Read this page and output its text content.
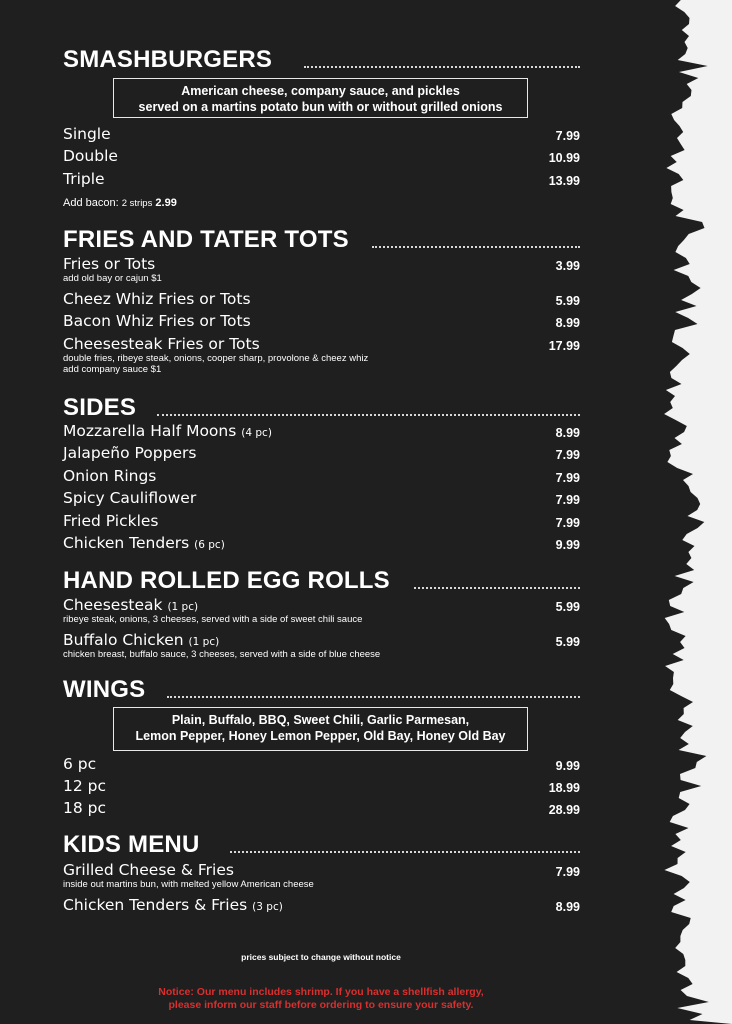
SMASHBURGERS
American cheese, company sauce, and pickles
served on a martins potato bun with or without grilled onions
Single	7.99
Double	10.99
Triple	13.99
FRIES AND TATER TOTS
Fries or Tots	3.99
add old bay or cajun $1
Cheez Whiz Fries or Tots	5.99
Bacon Whiz Fries or Tots	8.99
Cheesesteak Fries or Tots	17.99
double fries, ribeye steak, onions, cooper sharp, provolone & cheez whiz
add company sauce $1
SIDES
Mozzarella Half Moons (4 pc)	8.99
Jalapeño Poppers	7.99
Onion Rings	7.99
Spicy Cauliflower	7.99
Fried Pickles	7.99
Chicken Tenders (6 pc)	9.99
HAND ROLLED EGG ROLLS
Cheesesteak (1 pc)	5.99
ribeye steak, onions, 3 cheeses, served with a side of sweet chili sauce
Buffalo Chicken (1 pc)	5.99
chicken breast, buffalo sauce, 3 cheeses, served with a side of blue cheese
WINGS
Plain, Buffalo, BBQ, Sweet Chili, Garlic Parmesan,
Lemon Pepper, Honey Lemon Pepper, Old Bay, Honey Old Bay
6 pc	9.99
12 pc	18.99
18 pc	28.99
KIDS MENU
Grilled Cheese & Fries	7.99
inside out martins bun, with melted yellow American cheese
Chicken Tenders & Fries (3 pc)	8.99
Add bacon: 2 strips 2.99
prices subject to change without notice
Notice: Our menu includes shrimp. If you have a shellfish allergy,
please inform our staff before ordering to ensure your safety.
